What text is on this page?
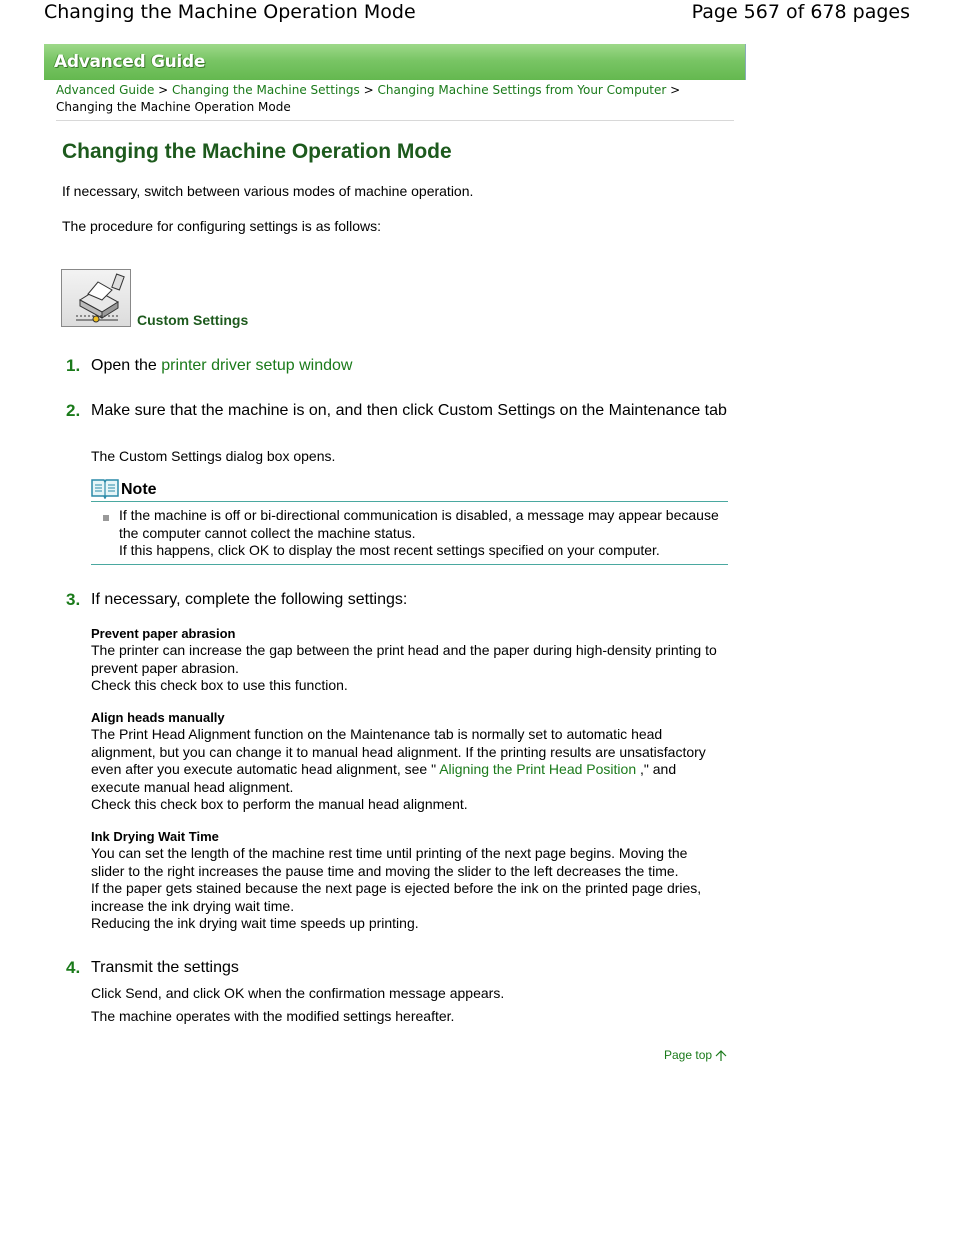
Changing the Machine Operation Mode	Page 567 of 678 pages
Advanced Guide
Advanced Guide > Changing the Machine Settings > Changing Machine Settings from Your Computer > Changing the Machine Operation Mode
Changing the Machine Operation Mode
If necessary, switch between various modes of machine operation.
The procedure for configuring settings is as follows:
Custom Settings
1. Open the printer driver setup window
2. Make sure that the machine is on, and then click Custom Settings on the Maintenance tab
The Custom Settings dialog box opens.
Note
If the machine is off or bi-directional communication is disabled, a message may appear because the computer cannot collect the machine status.
If this happens, click OK to display the most recent settings specified on your computer.
3. If necessary, complete the following settings:
Prevent paper abrasion
The printer can increase the gap between the print head and the paper during high-density printing to prevent paper abrasion.
Check this check box to use this function.
Align heads manually
The Print Head Alignment function on the Maintenance tab is normally set to automatic head alignment, but you can change it to manual head alignment. If the printing results are unsatisfactory even after you execute automatic head alignment, see " Aligning the Print Head Position ," and execute manual head alignment.
Check this check box to perform the manual head alignment.
Ink Drying Wait Time
You can set the length of the machine rest time until printing of the next page begins. Moving the slider to the right increases the pause time and moving the slider to the left decreases the time.
If the paper gets stained because the next page is ejected before the ink on the printed page dries, increase the ink drying wait time.
Reducing the ink drying wait time speeds up printing.
4. Transmit the settings
Click Send, and click OK when the confirmation message appears.
The machine operates with the modified settings hereafter.
Page top
